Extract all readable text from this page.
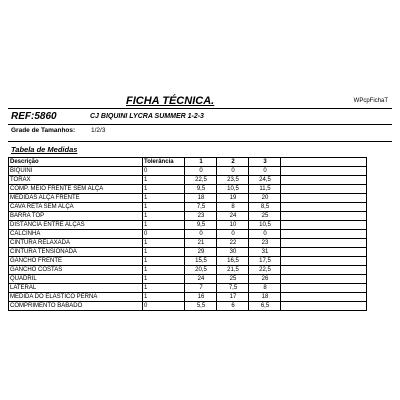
FICHA TÉCNICA.	WPcpFichaT
REF:5860	CJ BIQUINI LYCRA SUMMER 1-2-3
Grade de Tamanhos: 1/2/3
Tabela de Medidas
Descrição	Tolerância	1	2	3	
BIQUINI	0	0	0	0	
TORAX	1	22,5	23,5	24,5	
COMP. MEIO FRENTE SEM ALÇA	1	9,5	10,5	11,5	
MEDIDAS ALÇA FRENTE	1	18	19	20	
CAVA RETA SEM ALÇA	1	7,5	8	8,5	
BARRA TOP	1	23	24	25	
DISTÂNCIA ENTRE ALÇAS	1	9,5	10	10,5	
CALCINHA	0	0	0	0	
CINTURA RELAXADA	1	21	22	23	
CINTURA TENSIONADA	1	29	30	31	
GANCHO FRENTE	1	15,5	16,5	17,5	
GANCHO COSTAS	1	20,5	21,5	22,5	
QUADRIL	1	24	25	26	
LATERAL	1	7	7,5	8	
MEDIDA DO ELÁSTICO PERNA	1	16	17	18	
COMPRIMENTO BABADO	0	5,5	6	6,5	
